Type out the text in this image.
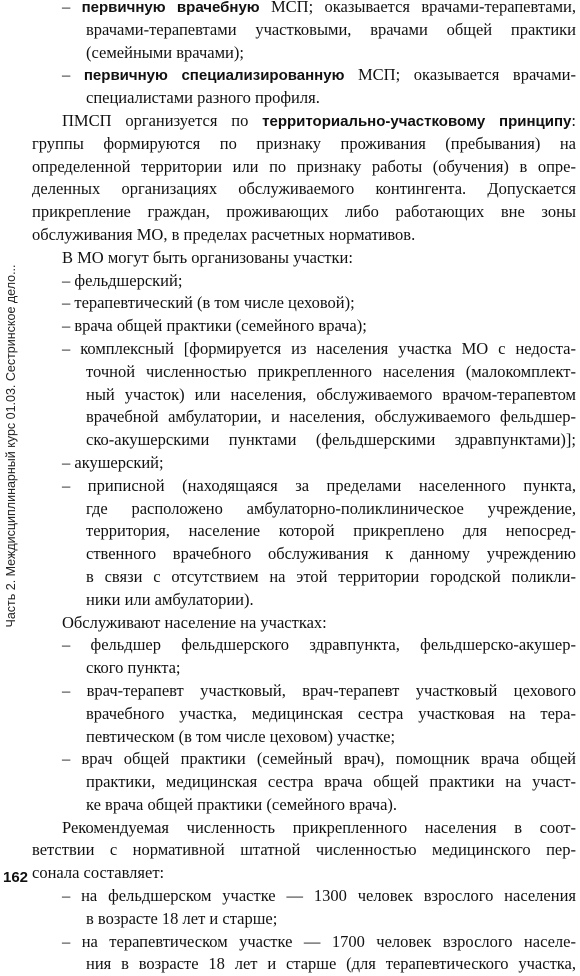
Часть 2. Междисциплинарный курс 01.03. Сестринское дело...
– первичную врачебную МСП; оказывается врачами-терапевтами,
врачами-терапевтами участковыми, врачами общей практики
(семейными врачами);
– первичную специализированную МСП; оказывается врачами-
специалистами разного профиля.
ПМСП организуется по территориально-участковому принципу:
группы формируются по признаку проживания (пребывания) на
определенной территории или по признаку работы (обучения) в опре-
деленных организациях обслуживаемого контингента. Допускается
прикрепление граждан, проживающих либо работающих вне зоны
обслуживания МО, в пределах расчетных нормативов.
В МО могут быть организованы участки:
– фельдшерский;
– терапевтический (в том числе цеховой);
– врача общей практики (семейного врача);
– комплексный [формируется из населения участка МО с недоста-
точной численностью прикрепленного населения (малокомплект-
ный участок) или населения, обслуживаемого врачом-терапевтом
врачебной амбулатории, и населения, обслуживаемого фельдшер-
ско-акушерскими пунктами (фельдшерскими здравпунктами)];
– акушерский;
– приписной (находящаяся за пределами населенного пункта,
где расположено амбулаторно-поликлиническое учреждение,
территория, население которой прикреплено для непосред-
ственного врачебного обслуживания к данному учреждению
в связи с отсутствием на этой территории городской поликли-
ники или амбулатории).
Обслуживают население на участках:
– фельдшер фельдшерского здравпункта, фельдшерско-акушер-
ского пункта;
– врач-терапевт участковый, врач-терапевт участковый цехового
врачебного участка, медицинская сестра участковая на тера-
певтическом (в том числе цеховом) участке;
– врач общей практики (семейный врач), помощник врача общей
практики, медицинская сестра врача общей практики на участ-
ке врача общей практики (семейного врача).
Рекомендуемая численность прикрепленного населения в соот-
ветствии с нормативной штатной численностью медицинского пер-
сонала составляет:
– на фельдшерском участке — 1300 человек взрослого населения
в возрасте 18 лет и старше;
– на терапевтическом участке — 1700 человек взрослого населе-
ния в возрасте 18 лет и старше (для терапевтического участка,
162
